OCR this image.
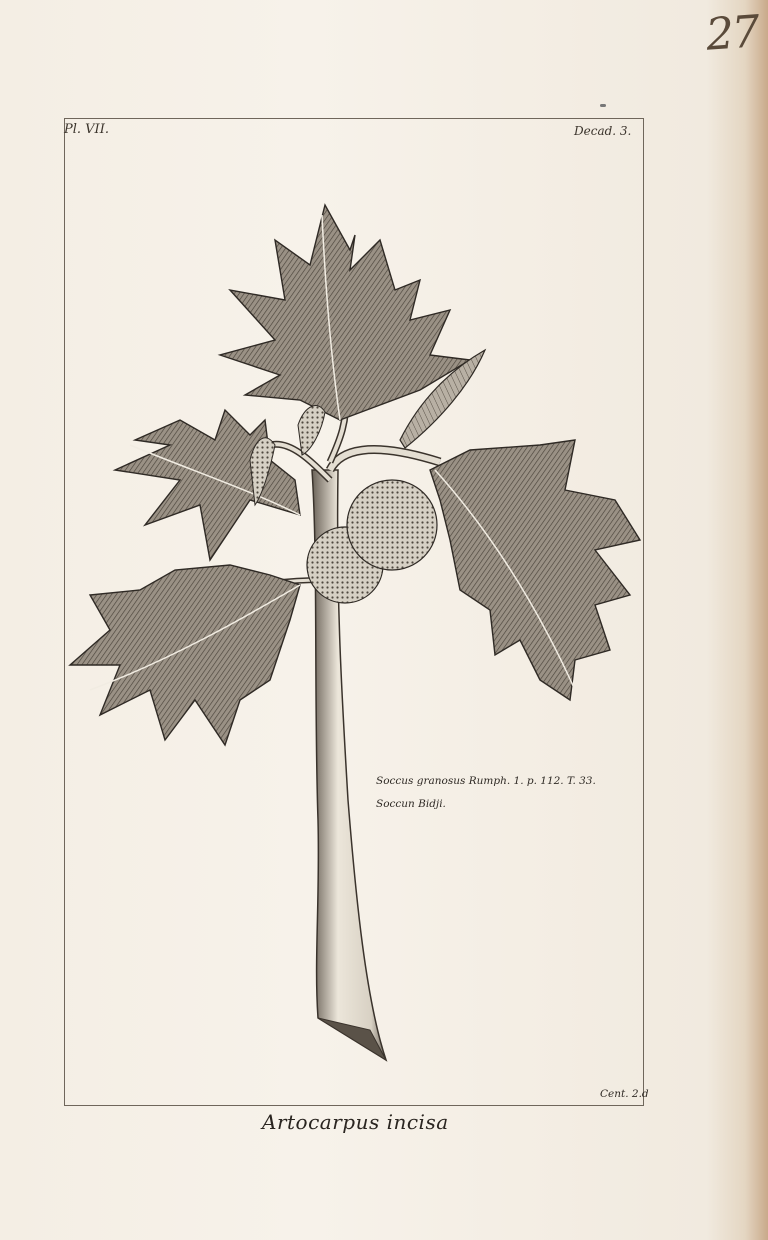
27
Pl. VII.	Decad. 3.
Soccus granosus Rumph. 1. p. 112. T. 33.
Soccun Bidji.
Cent. 2.d
Artocarpus incisa
